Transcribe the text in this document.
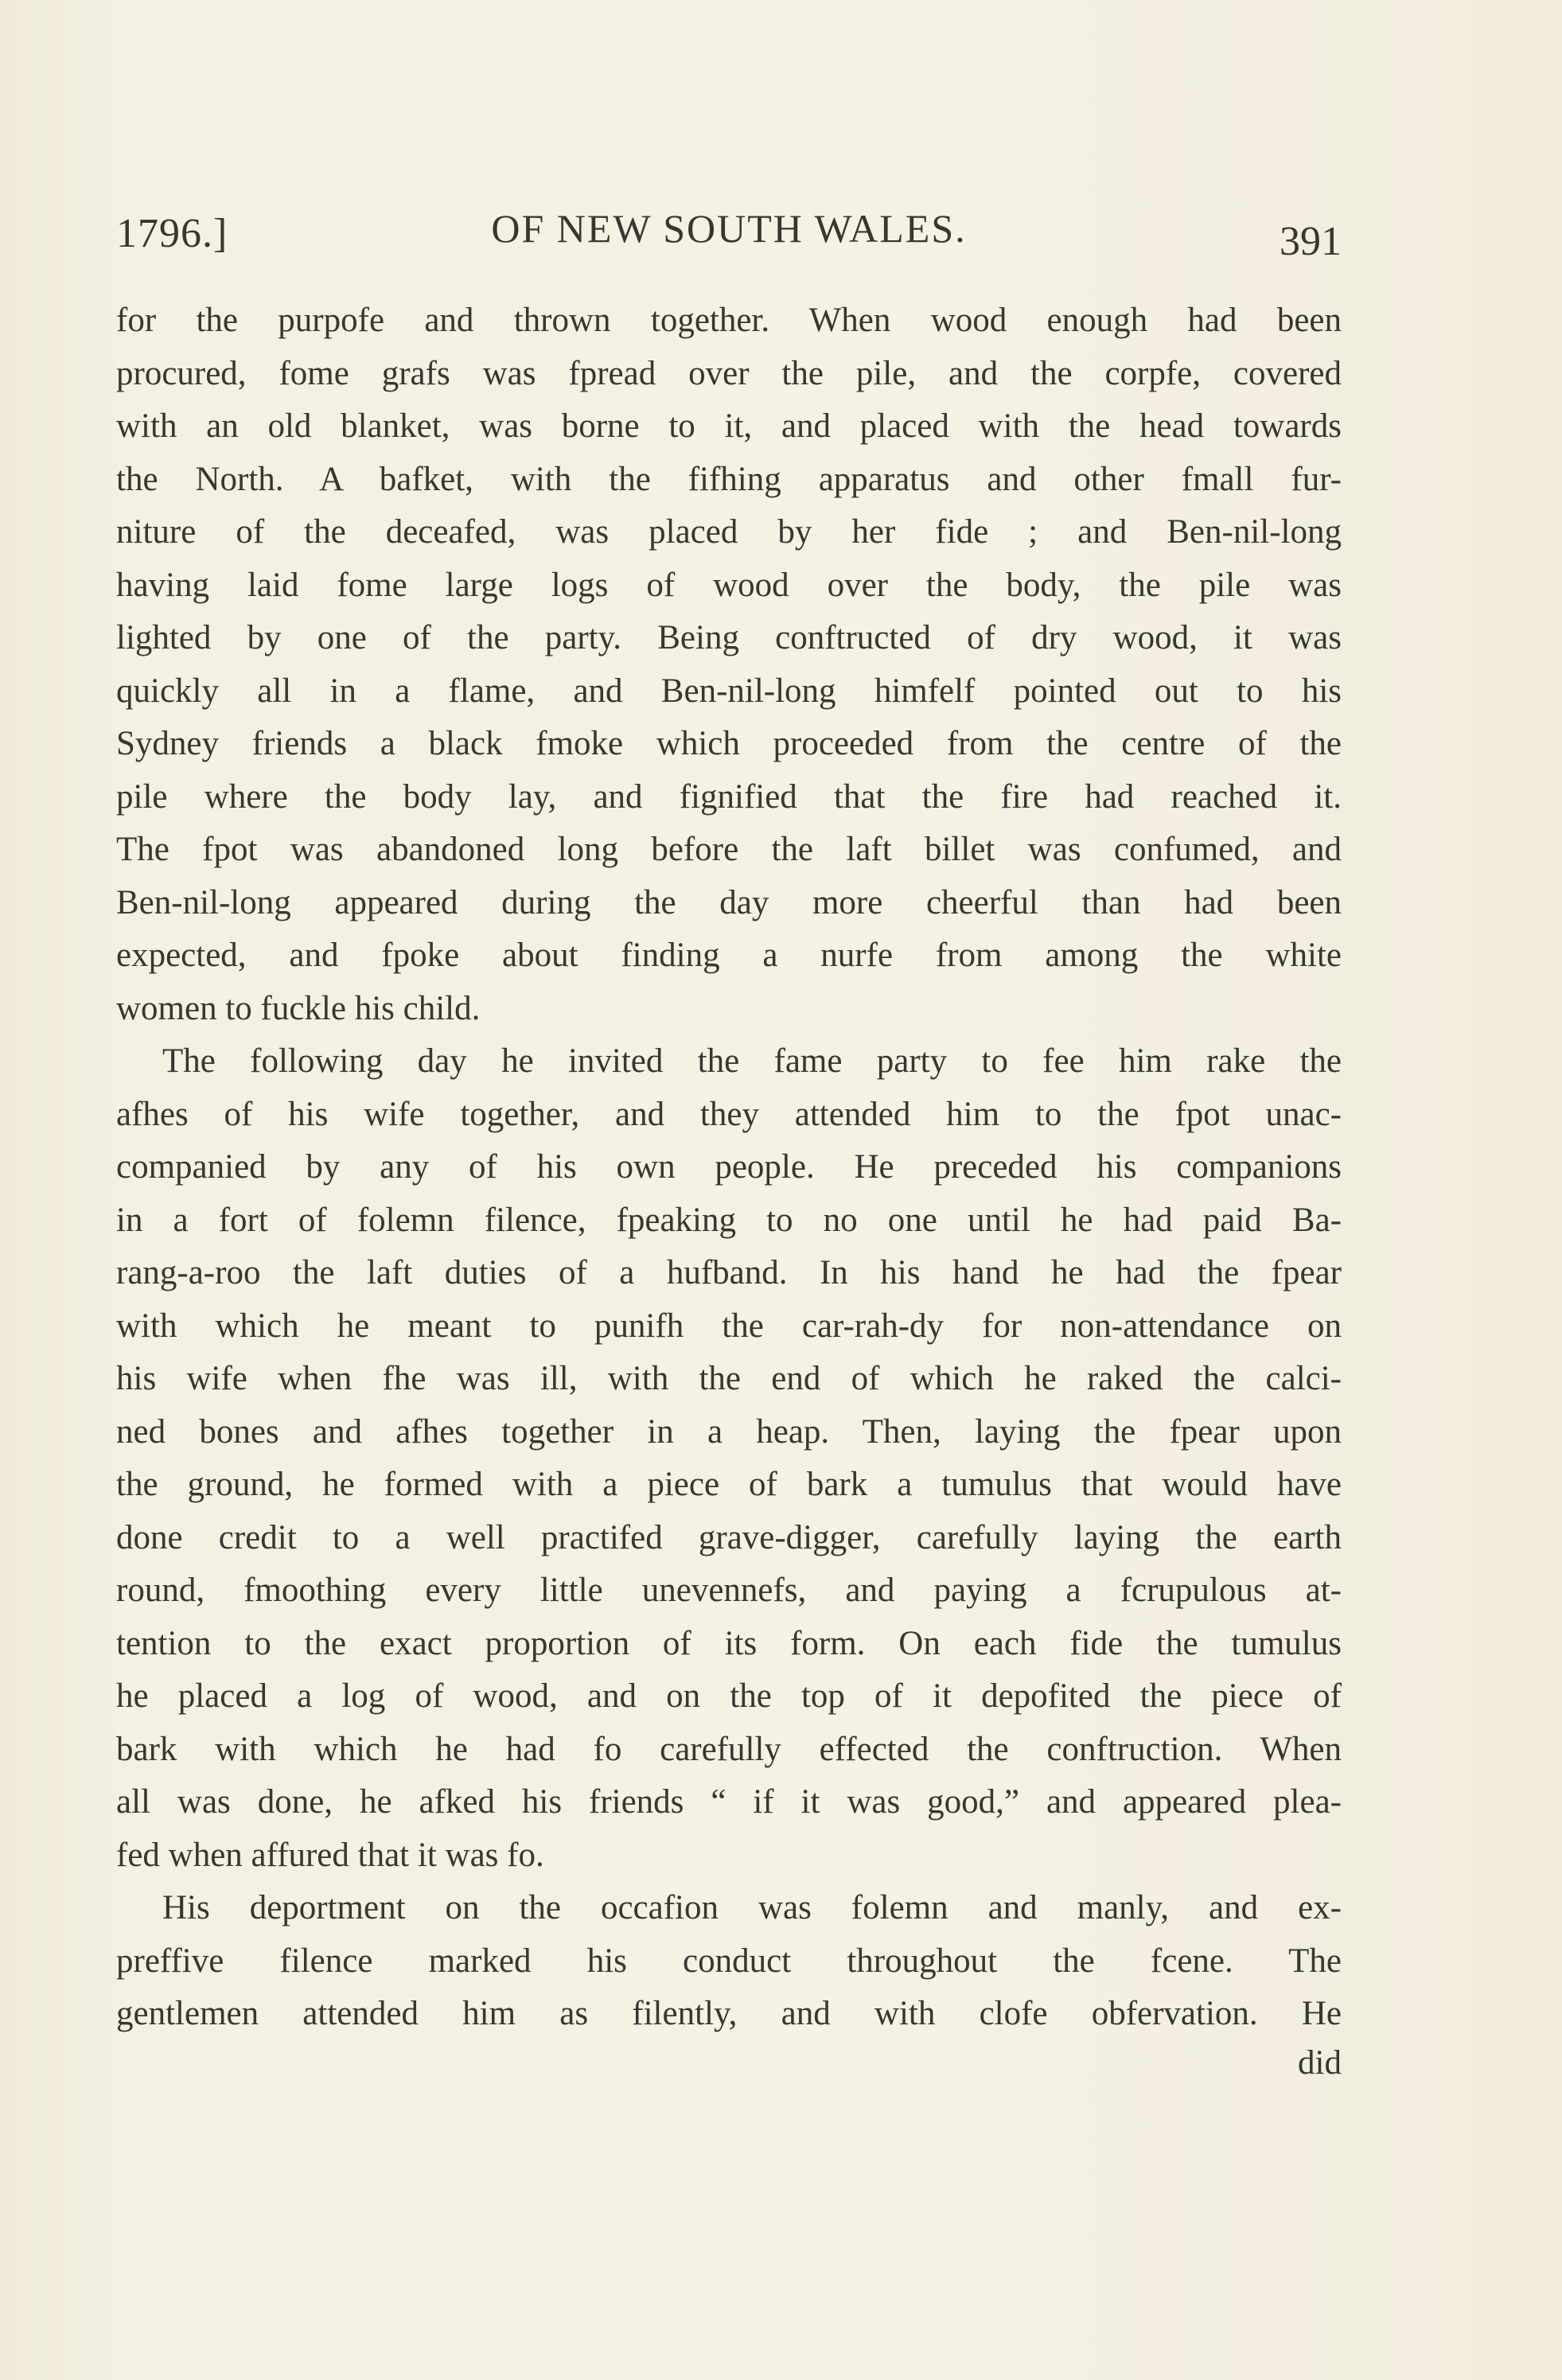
1796.]	OF NEW SOUTH WALES.	391
for the purpofe and thrown together. When wood enough had been
procured, fome grafs was fpread over the pile, and the corpfe, covered
with an old blanket, was borne to it, and placed with the head towards
the North. A bafket, with the fifhing apparatus and other fmall fur-
niture of the deceafed, was placed by her fide ; and Ben-nil-long
having laid fome large logs of wood over the body, the pile was
lighted by one of the party. Being conftructed of dry wood, it was
quickly all in a flame, and Ben-nil-long himfelf pointed out to his
Sydney friends a black fmoke which proceeded from the centre of the
pile where the body lay, and fignified that the fire had reached it.
The fpot was abandoned long before the laft billet was confumed, and
Ben-nil-long appeared during the day more cheerful than had been
expected, and fpoke about finding a nurfe from among the white
women to fuckle his child.
The following day he invited the fame party to fee him rake the
afhes of his wife together, and they attended him to the fpot unac-
companied by any of his own people. He preceded his companions
in a fort of folemn filence, fpeaking to no one until he had paid Ba-
rang-a-roo the laft duties of a hufband. In his hand he had the fpear
with which he meant to punifh the car-rah-dy for non-attendance on
his wife when fhe was ill, with the end of which he raked the calci-
ned bones and afhes together in a heap. Then, laying the fpear upon
the ground, he formed with a piece of bark a tumulus that would have
done credit to a well practifed grave-digger, carefully laying the earth
round, fmoothing every little unevennefs, and paying a fcrupulous at-
tention to the exact proportion of its form. On each fide the tumulus
he placed a log of wood, and on the top of it depofited the piece of
bark with which he had fo carefully effected the conftruction. When
all was done, he afked his friends “ if it was good,” and appeared plea-
fed when affured that it was fo.
His deportment on the occafion was folemn and manly, and ex-
preffive filence marked his conduct throughout the fcene. The
gentlemen attended him as filently, and with clofe obfervation. He
did
